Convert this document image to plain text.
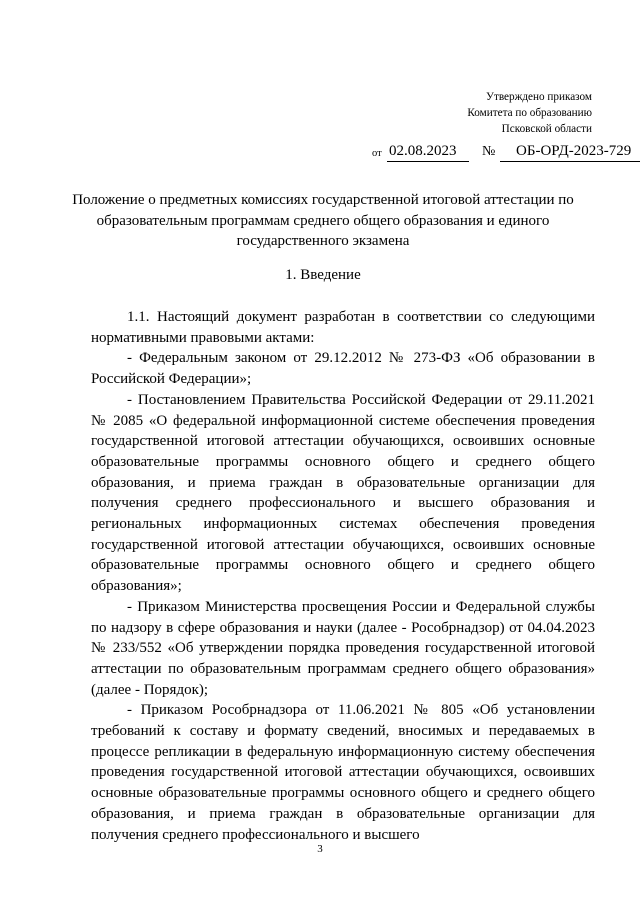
Утверждено приказом
Комитета по образованию
Псковской области
от 02.08.2023 № ОБ-ОРД-2023-729
Положение о предметных комиссиях государственной итоговой аттестации по образовательным программам среднего общего образования и единого государственного экзамена
1. Введение

1.1. Настоящий документ разработан в соответствии со следующими нормативными правовыми актами:

- Федеральным законом от 29.12.2012 № 273-ФЗ «Об образовании в Российской Федерации»;

- Постановлением Правительства Российской Федерации от 29.11.2021 № 2085 «О федеральной информационной системе обеспечения проведения государственной итоговой аттестации обучающихся, освоивших основные образовательные программы основного общего и среднего общего образования, и приема граждан в образовательные организации для получения среднего профессионального и высшего образования и региональных информационных системах обеспечения проведения государственной итоговой аттестации обучающихся, освоивших основные образовательные программы основного общего и среднего общего образования»;

- Приказом Министерства просвещения России и Федеральной службы по надзору в сфере образования и науки (далее - Рособрнадзор) от 04.04.2023 № 233/552 «Об утверждении порядка проведения государственной итоговой аттестации по образовательным программам среднего общего образования» (далее - Порядок);

- Приказом Рособрнадзора от 11.06.2021 № 805 «Об установлении требований к составу и формату сведений, вносимых и передаваемых в процессе репликации в федеральную информационную систему обеспечения проведения государственной итоговой аттестации обучающихся, освоивших основные образовательные программы основного общего и среднего общего образования, и приема граждан в образовательные организации для получения среднего профессионального и высшего

3
